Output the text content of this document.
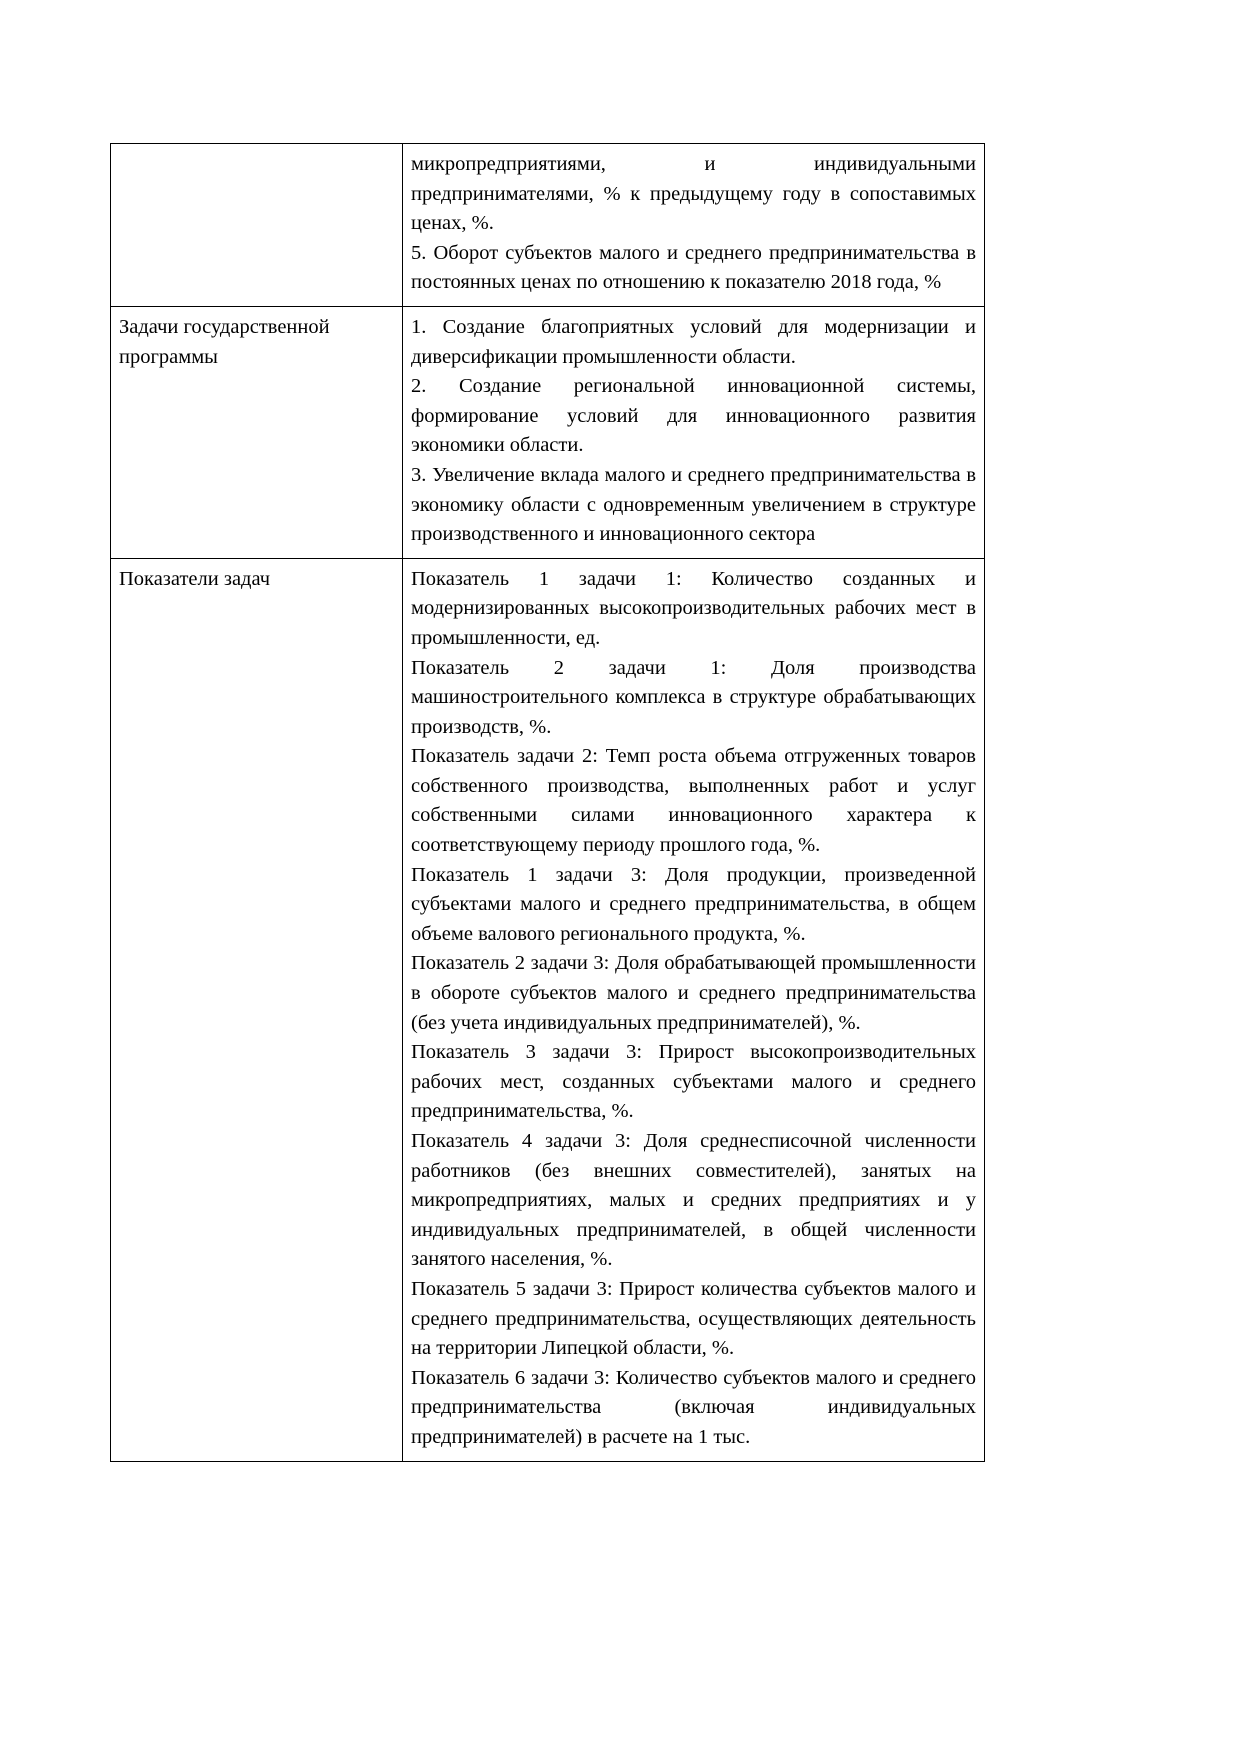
	микропредприятиями, и индивидуальными предпринимателями, % к предыдущему году в сопоставимых ценах, %.

5. Оборот субъектов малого и среднего предпринимательства в постоянных ценах по отношению к показателю 2018 года, %

Задачи государственной программы	1. Создание благоприятных условий для модернизации и диверсификации промышленности области.

2. Создание региональной инновационной системы, формирование условий для инновационного развития экономики области.

3. Увеличение вклада малого и среднего предпринимательства в экономику области с одновременным увеличением в структуре производственного и инновационного сектора

Показатели задач	Показатель 1 задачи 1: Количество созданных и модернизированных высокопроизводительных рабочих мест в промышленности, ед.

Показатель 2 задачи 1: Доля производства машиностроительного комплекса в структуре обрабатывающих производств, %.

Показатель задачи 2: Темп роста объема отгруженных товаров собственного производства, выполненных работ и услуг собственными силами инновационного характера к соответствующему периоду прошлого года, %.

Показатель 1 задачи 3: Доля продукции, произведенной субъектами малого и среднего предпринимательства, в общем объеме валового регионального продукта, %.

Показатель 2 задачи 3: Доля обрабатывающей промышленности в обороте субъектов малого и среднего предпринимательства (без учета индивидуальных предпринимателей), %.

Показатель 3 задачи 3: Прирост высокопроизводительных рабочих мест, созданных субъектами малого и среднего предпринимательства, %.

Показатель 4 задачи 3: Доля среднесписочной численности работников (без внешних совместителей), занятых на микропредприятиях, малых и средних предприятиях и у индивидуальных предпринимателей, в общей численности занятого населения, %.

Показатель 5 задачи 3: Прирост количества субъектов малого и среднего предпринимательства, осуществляющих деятельность на территории Липецкой области, %.

Показатель 6 задачи 3: Количество субъектов малого и среднего предпринимательства (включая индивидуальных предпринимателей) в расчете на 1 тыс.
